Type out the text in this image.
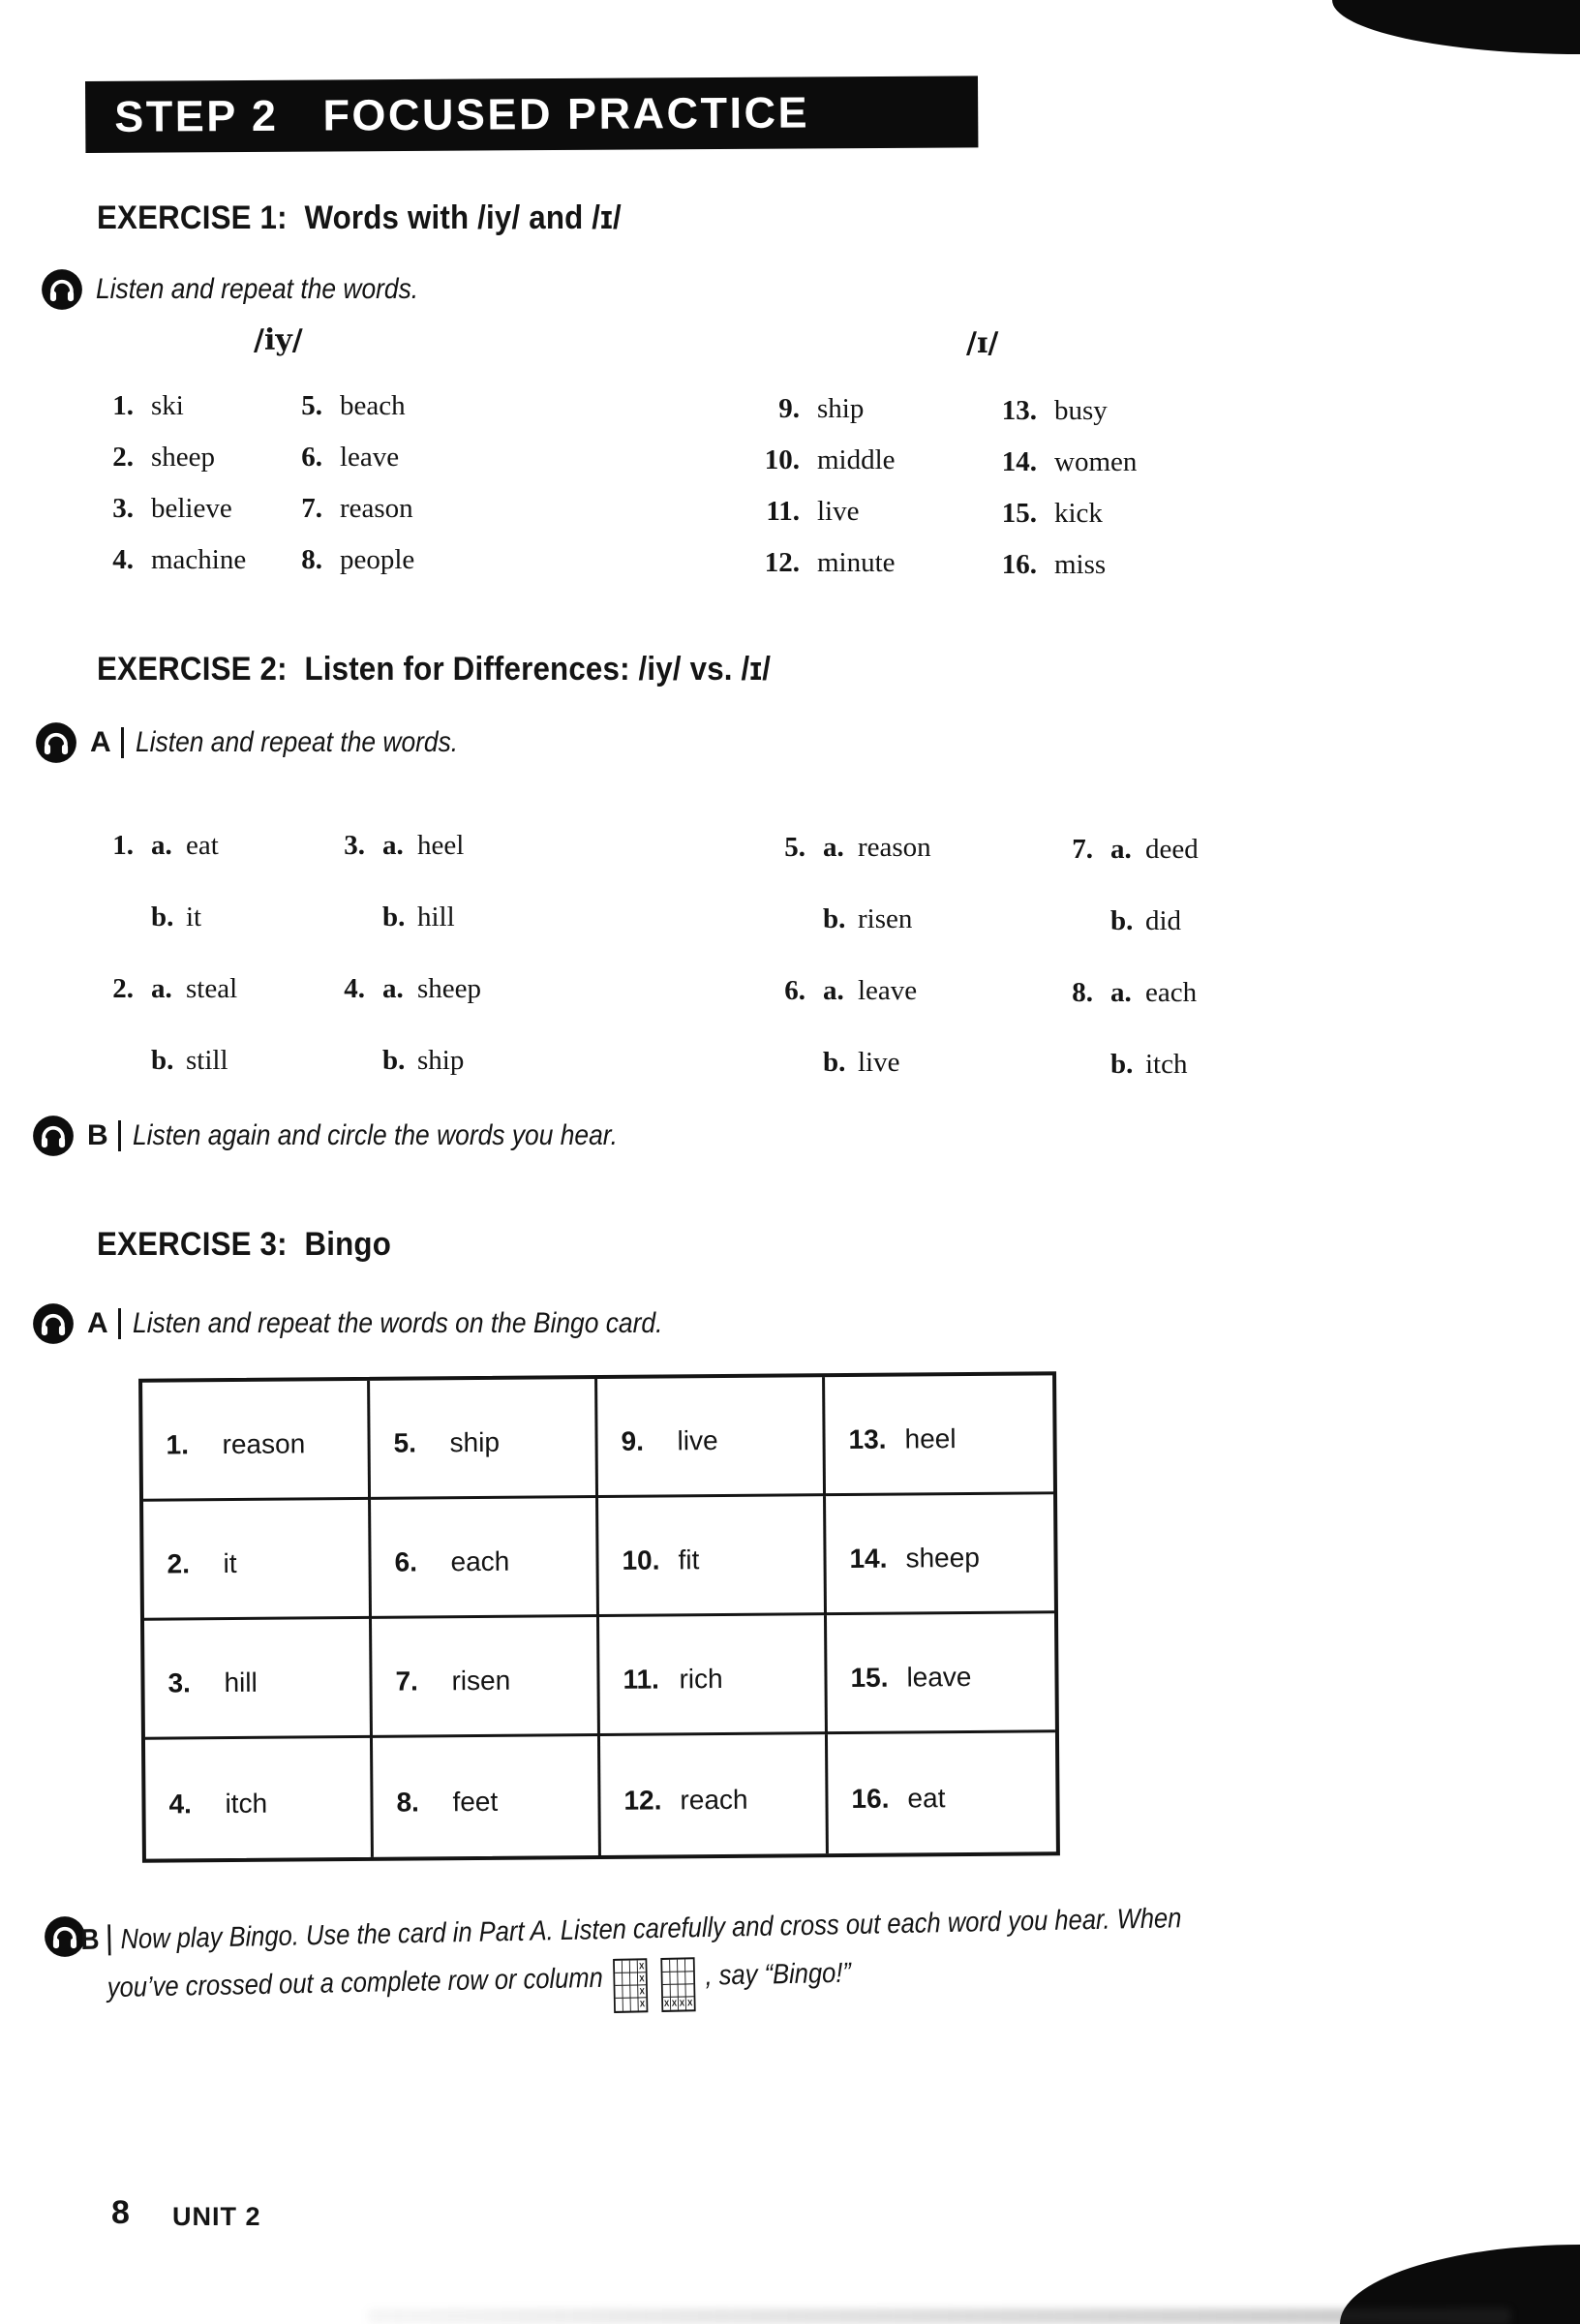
STEP 2 FOCUSED PRACTICE
EXERCISE 1:  Words with /iy/ and /ɪ/
Listen and repeat the words.
/iy/	/ɪ/
1. ski
2. sheep
3. believe
4. machine
5. beach
6. leave
7. reason
8. people
9. ship
10. middle
11. live
12. minute
13. busy
14. women
15. kick
16. miss
EXERCISE 2:  Listen for Differences: /iy/ vs. /ɪ/
A Listen and repeat the words.
1. a. eat
b. it
2. a. steal
b. still
3. a. heel
b. hill
4. a. sheep
b. ship
5. a. reason
b. risen
6. a. leave
b. live
7. a. deed
b. did
8. a. each
b. itch
B Listen again and circle the words you hear.
EXERCISE 3:  Bingo
A Listen and repeat the words on the Bingo card.
1.	reason	5.	ship	9.	live	13. heel
2.	it	6.	each	10. fit	14. sheep
3.	hill	7.	risen	11. rich	15. leave
4.	itch	8.	feet	12. reach	16. eat
B Now play Bingo. Use the card in Part A. Listen carefully and cross out each word you hear. When
you’ve crossed out a complete row or column	X
X
X
X
X X X X
, say “Bingo!”
8 UNIT 2
